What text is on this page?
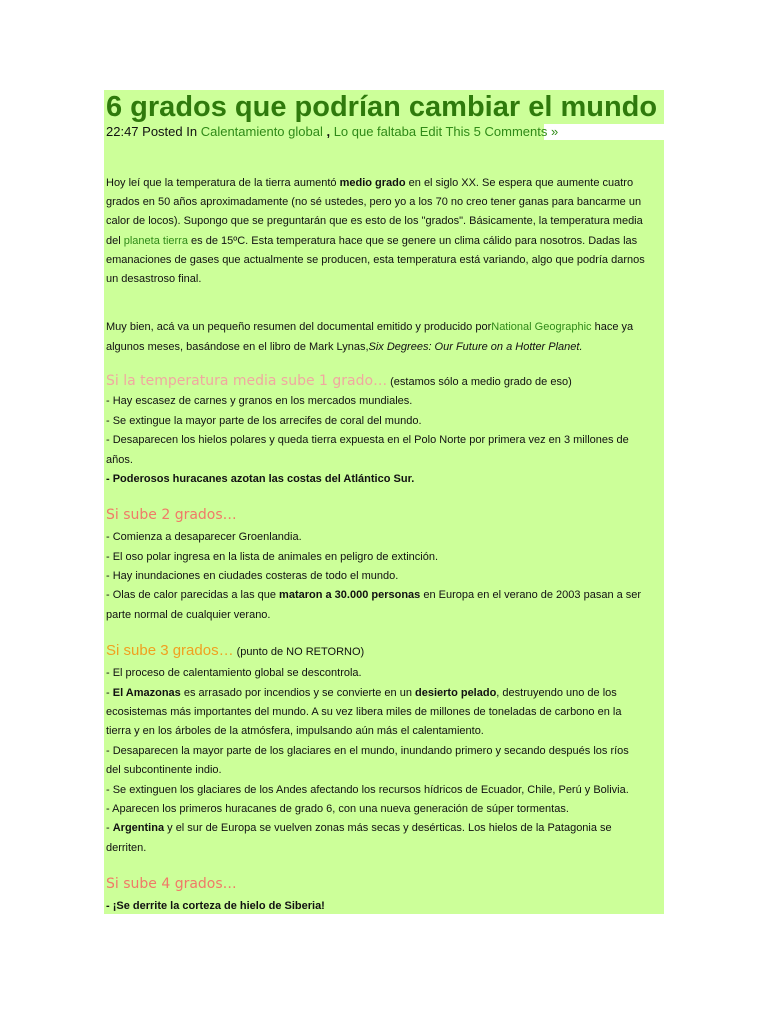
6 grados que podrían cambiar el mundo
22:47 Posted In Calentamiento global , Lo que faltaba Edit This 5 Comments »
Hoy leí que la temperatura de la tierra aumentó medio grado en el siglo XX. Se espera que aumente cuatro
grados en 50 años aproximadamente (no sé ustedes, pero yo a los 70 no creo tener ganas para bancarme un
calor de locos). Supongo que se preguntarán que es esto de los "grados". Básicamente, la temperatura media
del planeta tierra es de 15ºC. Esta temperatura hace que se genere un clima cálido para nosotros. Dadas las
emanaciones de gases que actualmente se producen, esta temperatura está variando, algo que podría darnos
un desastroso final.
Muy bien, acá va un pequeño resumen del documental emitido y producido porNational Geographic hace ya
algunos meses, basándose en el libro de Mark Lynas,Six Degrees: Our Future on a Hotter Planet.
Si la temperatura media sube 1 grado… (estamos sólo a medio grado de eso)
- Hay escasez de carnes y granos en los mercados mundiales.
- Se extingue la mayor parte de los arrecifes de coral del mundo.
- Desaparecen los hielos polares y queda tierra expuesta en el Polo Norte por primera vez en 3 millones de
años.
- Poderosos huracanes azotan las costas del Atlántico Sur.
Si sube 2 grados…
- Comienza a desaparecer Groenlandia.
- El oso polar ingresa en la lista de animales en peligro de extinción.
- Hay inundaciones en ciudades costeras de todo el mundo.
- Olas de calor parecidas a las que mataron a 30.000 personas en Europa en el verano de 2003 pasan a ser
parte normal de cualquier verano.
Si sube 3 grados… (punto de NO RETORNO)
- El proceso de calentamiento global se descontrola.
- El Amazonas es arrasado por incendios y se convierte en un desierto pelado, destruyendo uno de los
ecosistemas más importantes del mundo. A su vez libera miles de millones de toneladas de carbono en la
tierra y en los árboles de la atmósfera, impulsando aún más el calentamiento.
- Desaparecen la mayor parte de los glaciares en el mundo, inundando primero y secando después los ríos
del subcontinente indio.
- Se extinguen los glaciares de los Andes afectando los recursos hídricos de Ecuador, Chile, Perú y Bolivia.
- Aparecen los primeros huracanes de grado 6, con una nueva generación de súper tormentas.
- Argentina y el sur de Europa se vuelven zonas más secas y desérticas. Los hielos de la Patagonia se
derriten.
Si sube 4 grados…
- ¡Se derrite la corteza de hielo de Siberia!
